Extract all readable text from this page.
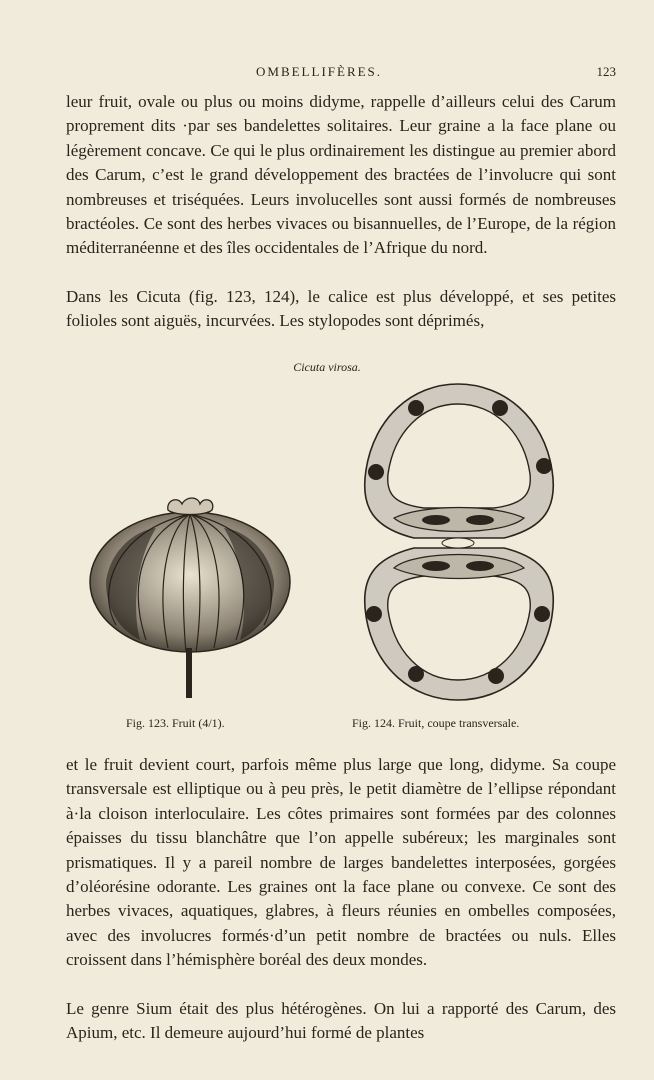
OMBELLIFÈRES.	123

leur fruit, ovale ou plus ou moins didyme, rappelle d’ailleurs celui des Carum proprement dits ·par ses bandelettes solitaires. Leur graine a la face plane ou légèrement concave. Ce qui le plus ordinairement les distingue au premier abord des Carum, c’est le grand développement des bractées de l’involucre qui sont nombreuses et triséquées. Leurs involucelles sont aussi formés de nombreuses bractéoles. Ce sont des herbes vivaces ou bisannuelles, de l’Europe, de la région méditerranéenne et des îles occidentales de l’Afrique du nord.

Dans les Cicuta (fig. 123, 124), le calice est plus développé, et ses petites folioles sont aiguës, incurvées. Les stylopodes sont déprimés,

Cicuta virosa.
Fig. 123. Fruit (4/1).	Fig. 124. Fruit, coupe transversale.

et le fruit devient court, parfois même plus large que long, didyme. Sa coupe transversale est elliptique ou à peu près, le petit diamètre de l’ellipse répondant à·la cloison interloculaire. Les côtes primaires sont formées par des colonnes épaisses du tissu blanchâtre que l’on appelle subéreux; les marginales sont prismatiques. Il y a pareil nombre de larges bandelettes interposées, gorgées d’oléorésine odorante. Les graines ont la face plane ou convexe. Ce sont des herbes vivaces, aquatiques, glabres, à fleurs réunies en ombelles composées, avec des involucres formés·d’un petit nombre de bractées ou nuls. Elles croissent dans l’hémisphère boréal des deux mondes.

Le genre Sium était des plus hétérogènes. On lui a rapporté des Carum, des Apium, etc. Il demeure aujourd’hui formé de plantes
